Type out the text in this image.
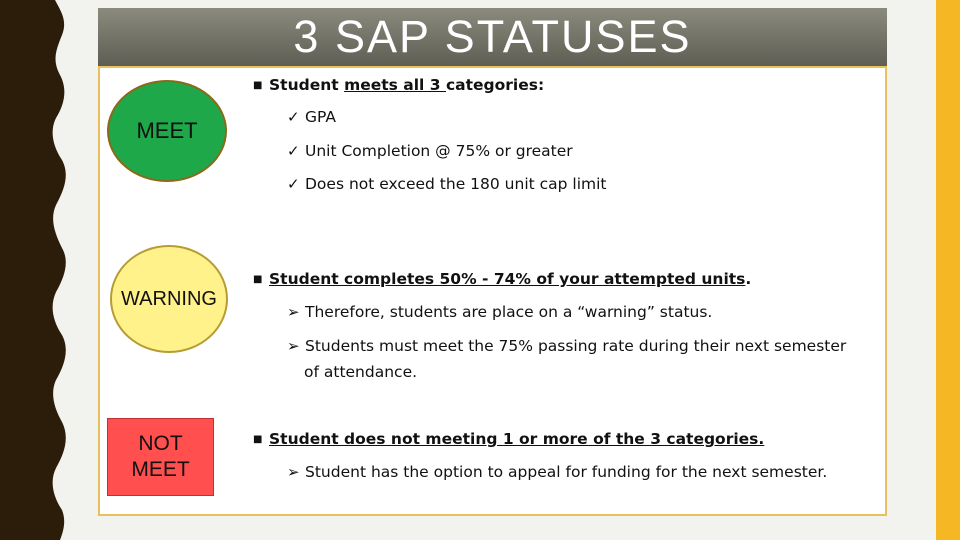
3 SAP STATUSES
MEET
WARNING
NOT MEET
■ Student meets all 3 categories:
✓ GPA
✓ Unit Completion @ 75% or greater
✓ Does not exceed the 180 unit cap limit
■ Student completes 50% - 74% of your attempted units.
➢ Therefore, students are place on a “warning” status.
➢ Students must meet the 75% passing rate during their next semester
of attendance.
■ Student does not meeting 1 or more of the 3 categories.
➢ Student has the option to appeal for funding for the next semester.
